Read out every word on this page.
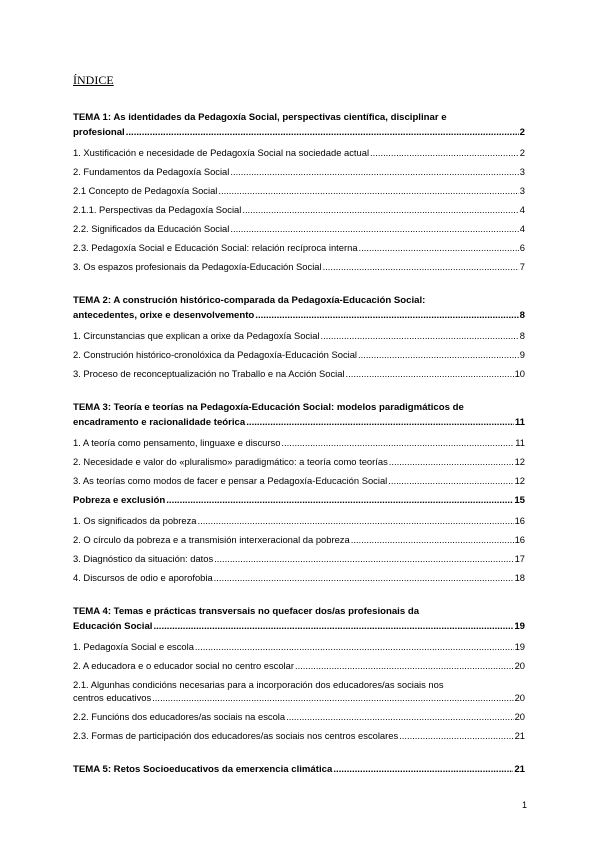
ÍNDICE
TEMA 1: As identidades da Pedagoxía Social, perspectivas científica, disciplinar e
profesional .....	2
1. Xustificación e necesidade de Pedagoxía Social na sociedade actual .....	2
2. Fundamentos da Pedagoxía Social .....	3
2.1 Concepto de Pedagoxía Social .....	3
2.1.1. Perspectivas da Pedagoxía Social .....	4
2.2. Significados da Educación Social .....	4
2.3. Pedagoxía Social e Educación Social: relación recíproca interna .....	6
3. Os espazos profesionais da Pedagoxía-Educación Social .....	7
TEMA 2: A construción histórico-comparada da Pedagoxía-Educación Social:
antecedentes, orixe e desenvolvemento .....	8
1. Circunstancias que explican a orixe da Pedagoxía Social .....	8
2. Construción histórico-cronolóxica da Pedagoxía-Educación Social .....	9
3. Proceso de reconceptualización no Traballo e na Acción Social .....	10
TEMA 3: Teoría e teorías na Pedagoxía-Educación Social: modelos paradigmáticos de
encadramento e racionalidade teórica .....	11
1. A teoría como pensamento, linguaxe e discurso .....	11
2. Necesidade e valor do «pluralismo» paradigmático: a teoría como teorías .....	12
3. As teorías como modos de facer e pensar a Pedagoxía-Educación Social .....	12
Pobreza e exclusión .....	15
1. Os significados da pobreza .....	16
2. O círculo da pobreza e a transmisión interxeracional da pobreza .....	16
3. Diagnóstico da situación: datos .....	17
4. Discursos de odio e aporofobia .....	18
TEMA 4: Temas e prácticas transversais no quefacer dos/as profesionais da
Educación Social .....	19
1. Pedagoxía Social e escola .....	19
2. A educadora e o educador social no centro escolar .....	20
2.1. Algunhas condicións necesarias para a incorporación dos educadores/as sociais nos
centros educativos .....	20
2.2. Funcións dos educadores/as sociais na escola .....	20
2.3. Formas de participación dos educadores/as sociais nos centros escolares .....	21
TEMA 5: Retos Socioeducativos da emerxencia climática .....	21
1
